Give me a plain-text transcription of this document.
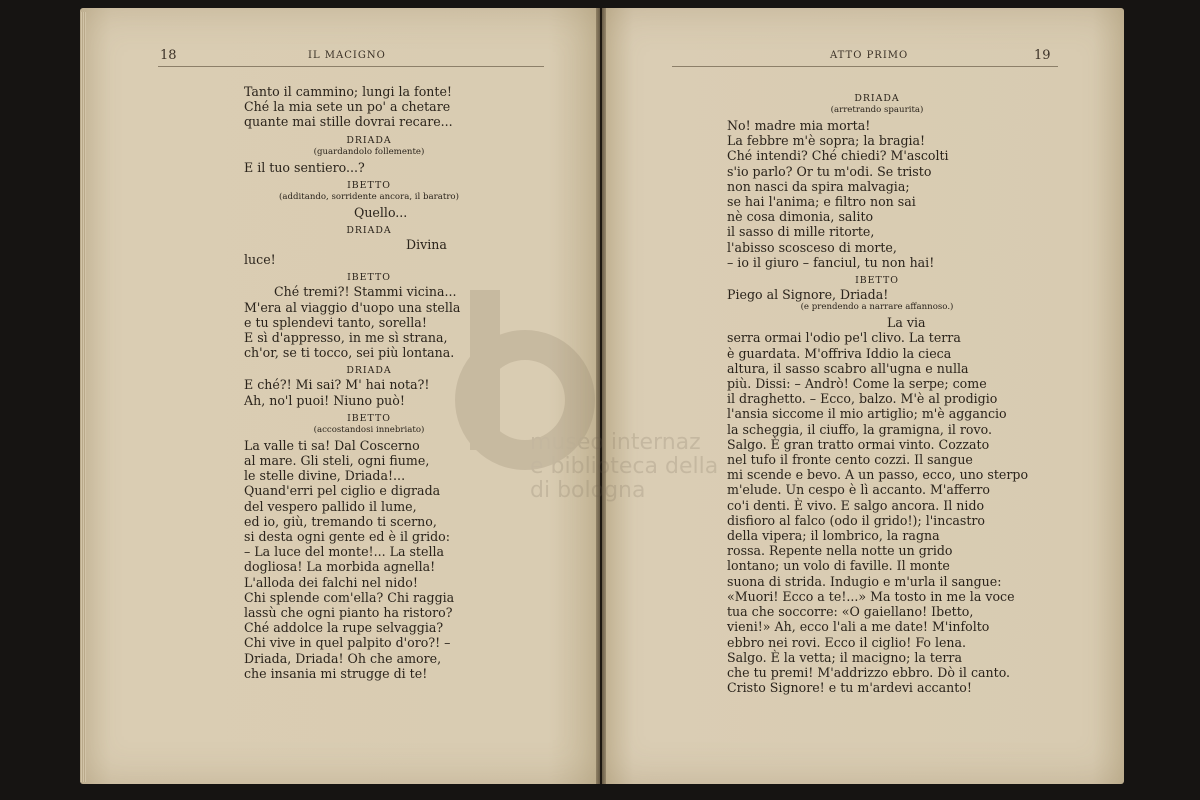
18	IL MACIGNO
Tanto il cammino; lungi la fonte!
Ché la mia sete un po' a chetare
quante mai stille dovrai recare...
DRIADA
(guardandolo follemente)
E il tuo sentiero...?
IBETTO
(additando, sorridente ancora, il baratro)
Quello...
DRIADA
Divina
luce!
IBETTO
Ché tremi?! Stammi vicina...
M'era al viaggio d'uopo una stella
e tu splendevi tanto, sorella!
E sì d'appresso, in me sì strana,
ch'or, se ti tocco, sei più lontana.
DRIADA
E ché?! Mi sai? M' hai nota?!
Ah, no'l puoi! Niuno può!
IBETTO
(accostandosi innebriato)
La valle ti sa! Dal Coscerno
al mare. Gli steli, ogni fiume,
le stelle divine, Driada!...
Quand'erri pel ciglio e digrada
del vespero pallido il lume,
ed io, giù, tremando ti scerno,
si desta ogni gente ed è il grido:
– La luce del monte!... La stella
dogliosa! La morbida agnella!
L'alloda dei falchi nel nido!
Chi splende com'ella? Chi raggia
lassù che ogni pianto ha ristoro?
Ché addolce la rupe selvaggia?
Chi vive in quel palpito d'oro?! –
Driada, Driada! Oh che amore,
che insania mi strugge di te!
ATTO PRIMO	19
DRIADA
(arretrando spaurita)
No! madre mia morta!
La febbre m'è sopra; la bragia!
Ché intendi? Ché chiedi? M'ascolti
s'io parlo? Or tu m'odi. Se tristo
non nasci da spira malvagia;
se hai l'anima; e filtro non sai
nè cosa dimonia, salito
il sasso di mille ritorte,
l'abisso scosceso di morte,
– io il giuro – fanciul, tu non hai!
IBETTO
Piego al Signore, Driada!
(e prendendo a narrare affannoso.)
La via
serra ormai l'odio pe'l clivo. La terra
è guardata. M'offriva Iddio la cieca
altura, il sasso scabro all'ugna e nulla
più. Dissi: – Andrò! Come la serpe; come
il draghetto. – Ecco, balzo. M'è al prodigio
l'ansia siccome il mio artiglio; m'è aggancio
la scheggia, il ciuffo, la gramigna, il rovo.
Salgo. È gran tratto ormai vinto. Cozzato
nel tufo il fronte cento cozzi. Il sangue
mi scende e bevo. A un passo, ecco, uno sterpo
m'elude. Un cespo è lì accanto. M'afferro
co'i denti. È vivo. E salgo ancora. Il nido
disfioro al falco (odo il grido!); l'incastro
della vipera; il lombrico, la ragna
rossa. Repente nella notte un grido
lontano; un volo di faville. Il monte
suona di strida. Indugio e m'urla il sangue:
«Muori! Ecco a te!...» Ma tosto in me la voce
tua che soccorre: «O gaiellano! Ibetto,
vieni!» Ah, ecco l'ali a me date! M'infolto
ebbro nei rovi. Ecco il ciglio! Fo lena.
Salgo. È la vetta; il macigno; la terra
che tu premi! M'addrizzo ebbro. Dò il canto.
Cristo Signore! e tu m'ardevi accanto!
